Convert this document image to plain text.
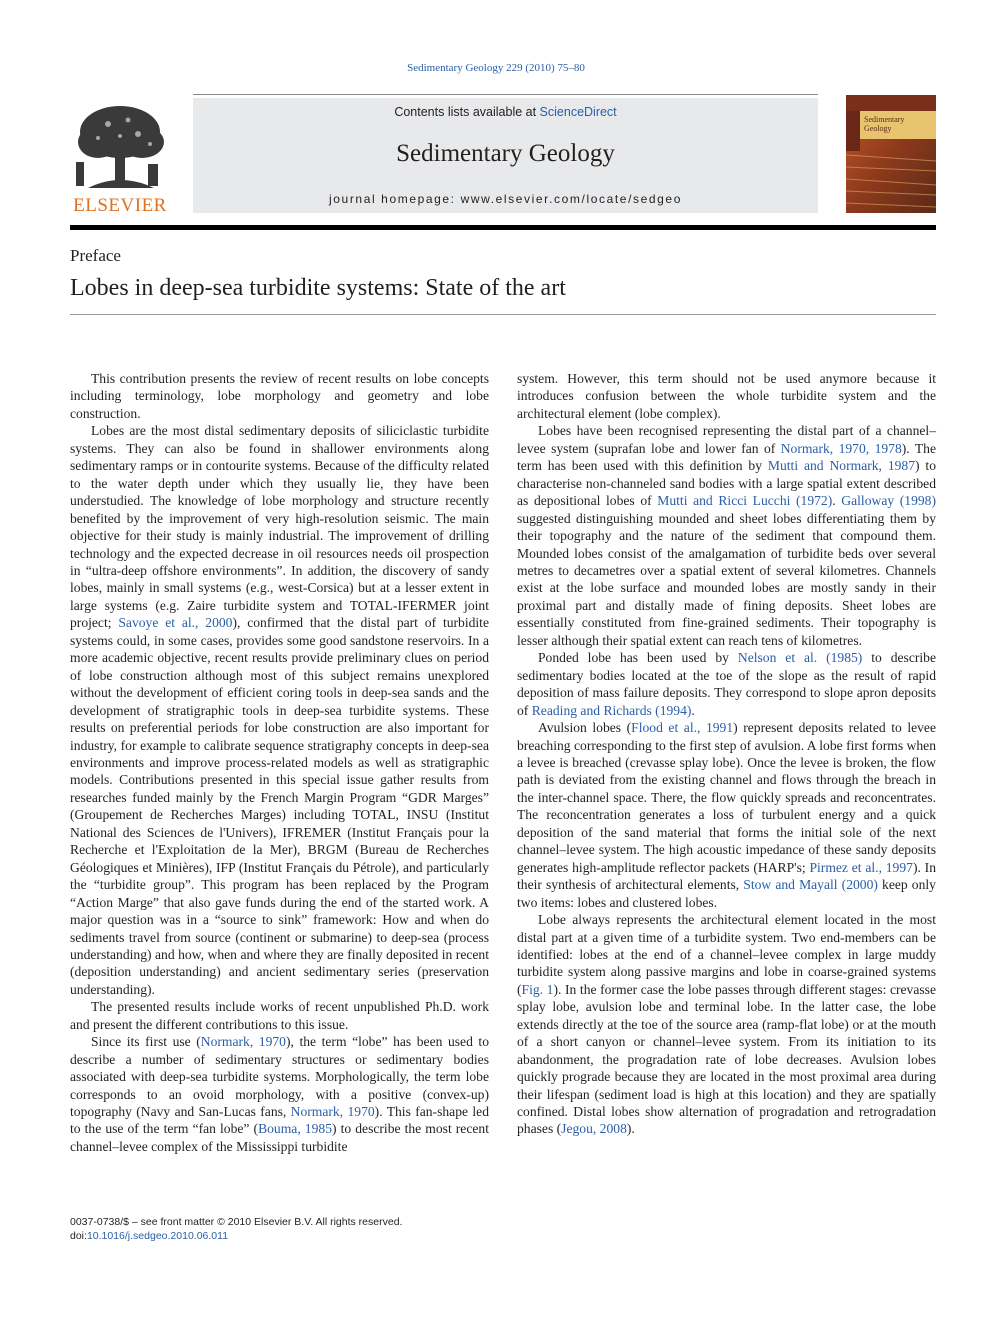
Sedimentary Geology 229 (2010) 75–80
Contents lists available at ScienceDirect
Sedimentary Geology
journal homepage: www.elsevier.com/locate/sedgeo
ELSEVIER
Sedimentary
Geology
Preface
Lobes in deep-sea turbidite systems: State of the art

This contribution presents the review of recent results on lobe concepts including terminology, lobe morphology and geometry and lobe construction.

Lobes are the most distal sedimentary deposits of siliciclastic turbidite systems. They can also be found in shallower environments along sedimentary ramps or in contourite systems. Because of the difficulty related to the water depth under which they usually lie, they have been understudied. The knowledge of lobe morphology and structure recently benefited by the improvement of very high-resolution seismic. The main objective for their study is mainly industrial. The improvement of drilling technology and the expected decrease in oil resources needs oil prospection in “ultra-deep offshore environments”. In addition, the discovery of sandy lobes, mainly in small systems (e.g., west-Corsica) but at a lesser extent in large systems (e.g. Zaire turbidite system and TOTAL-IFERMER joint project; Savoye et al., 2000), confirmed that the distal part of turbidite systems could, in some cases, provides some good sandstone reservoirs. In a more academic objective, recent results provide preliminary clues on period of lobe construction although most of this subject remains unexplored without the development of efficient coring tools in deep-sea sands and the development of stratigraphic tools in deep-sea turbidite systems. These results on preferential periods for lobe construction are also important for industry, for example to calibrate sequence stratigraphy concepts in deep-sea environments and improve process-related models as well as stratigraphic models. Contributions presented in this special issue gather results from researches funded mainly by the French Margin Program “GDR Marges” (Groupement de Recherches Marges) including TOTAL, INSU (Institut National des Sciences de l'Univers), IFREMER (Institut Français pour la Recherche et l'Exploitation de la Mer), BRGM (Bureau de Recherches Géologiques et Minières), IFP (Institut Français du Pétrole), and particularly the “turbidite group”. This program has been replaced by the Program “Action Marge” that also gave funds during the end of the started work. A major question was in a “source to sink” framework: How and when do sediments travel from source (continent or submarine) to deep-sea (process understanding) and how, when and where they are finally deposited in recent (deposition understanding) and ancient sedimentary series (preservation understanding).

The presented results include works of recent unpublished Ph.D. work and present the different contributions to this issue.

Since its first use (Normark, 1970), the term “lobe” has been used to describe a number of sedimentary structures or sedimentary bodies associated with deep-sea turbidite systems. Morphologically, the term lobe corresponds to an ovoid morphology, with a positive (convex-up) topography (Navy and San-Lucas fans, Normark, 1970). This fan-shape led to the use of the term “fan lobe” (Bouma, 1985) to describe the most recent channel–levee complex of the Mississippi turbidite

system. However, this term should not be used anymore because it introduces confusion between the whole turbidite system and the architectural element (lobe complex).

Lobes have been recognised representing the distal part of a channel–levee system (suprafan lobe and lower fan of Normark, 1970, 1978). The term has been used with this definition by Mutti and Normark, 1987) to characterise non-channeled sand bodies with a large spatial extent described as depositional lobes of Mutti and Ricci Lucchi (1972). Galloway (1998) suggested distinguishing mounded and sheet lobes differentiating them by their topography and the nature of the sediment that compound them. Mounded lobes consist of the amalgamation of turbidite beds over several metres to decametres over a spatial extent of several kilometres. Channels exist at the lobe surface and mounded lobes are mostly sandy in their proximal part and distally made of fining deposits. Sheet lobes are essentially constituted from fine-grained sediments. Their topography is lesser although their spatial extent can reach tens of kilometres.

Ponded lobe has been used by Nelson et al. (1985) to describe sedimentary bodies located at the toe of the slope as the result of rapid deposition of mass failure deposits. They correspond to slope apron deposits of Reading and Richards (1994).

Avulsion lobes (Flood et al., 1991) represent deposits related to levee breaching corresponding to the first step of avulsion. A lobe first forms when a levee is breached (crevasse splay lobe). Once the levee is broken, the flow path is deviated from the existing channel and flows through the breach in the inter-channel space. There, the flow quickly spreads and reconcentrates. The reconcentration generates a loss of turbulent energy and a quick deposition of the sand material that forms the initial sole of the next channel–levee system. The high acoustic impedance of these sandy deposits generates high-amplitude reflector packets (HARP's; Pirmez et al., 1997). In their synthesis of architectural elements, Stow and Mayall (2000) keep only two items: lobes and clustered lobes.

Lobe always represents the architectural element located in the most distal part at a given time of a turbidite system. Two end-members can be identified: lobes at the end of a channel–levee complex in large muddy turbidite system along passive margins and lobe in coarse-grained systems (Fig. 1). In the former case the lobe passes through different stages: crevasse splay lobe, avulsion lobe and terminal lobe. In the latter case, the lobe extends directly at the toe of the source area (ramp-flat lobe) or at the mouth of a short canyon or channel–levee system. From its initiation to its abandonment, the progradation rate of lobe decreases. Avulsion lobes quickly prograde because they are located in the most proximal area during their lifespan (sediment load is high at this location) and they are spatially confined. Distal lobes show alternation of progradation and retrogradation phases (Jegou, 2008).

0037-0738/$ – see front matter © 2010 Elsevier B.V. All rights reserved.
doi:10.1016/j.sedgeo.2010.06.011
